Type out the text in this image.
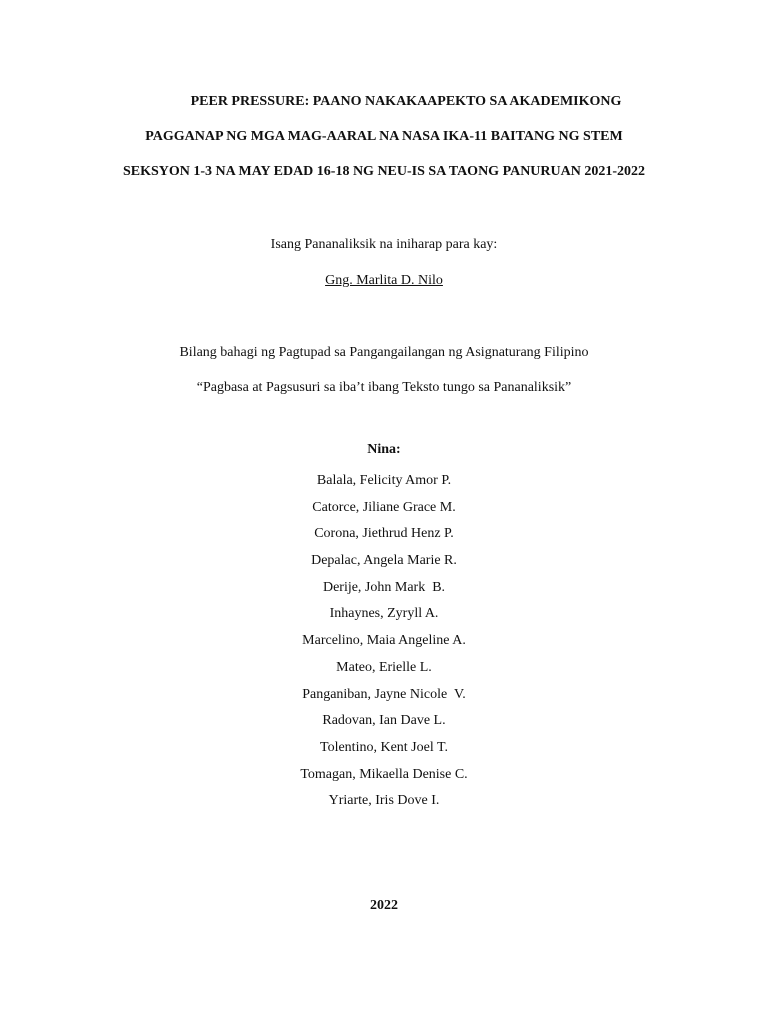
PEER PRESSURE: PAANO NAKAKAAPEKTO SA AKADEMIKONG
PAGGANAP NG MGA MAG-AARAL NA NASA IKA-11 BAITANG NG STEM
SEKSYON 1-3 NA MAY EDAD 16-18 NG NEU-IS SA TAONG PANURUAN 2021-2022
Isang Pananaliksik na iniharap para kay:
Gng. Marlita D. Nilo
Bilang bahagi ng Pagtupad sa Pangangailangan ng Asignaturang Filipino
“Pagbasa at Pagsusuri sa iba’t ibang Teksto tungo sa Pananaliksik”
Nina:
Balala, Felicity Amor P.
Catorce, Jiliane Grace M.
Corona, Jiethrud Henz P.
Depalac, Angela Marie R.
Derije, John Mark  B.
Inhaynes, Zyryll A.
Marcelino, Maia Angeline A.
Mateo, Erielle L.
Panganiban, Jayne Nicole  V.
Radovan, Ian Dave L.
Tolentino, Kent Joel T.
Tomagan, Mikaella Denise C.
Yriarte, Iris Dove I.
2022
